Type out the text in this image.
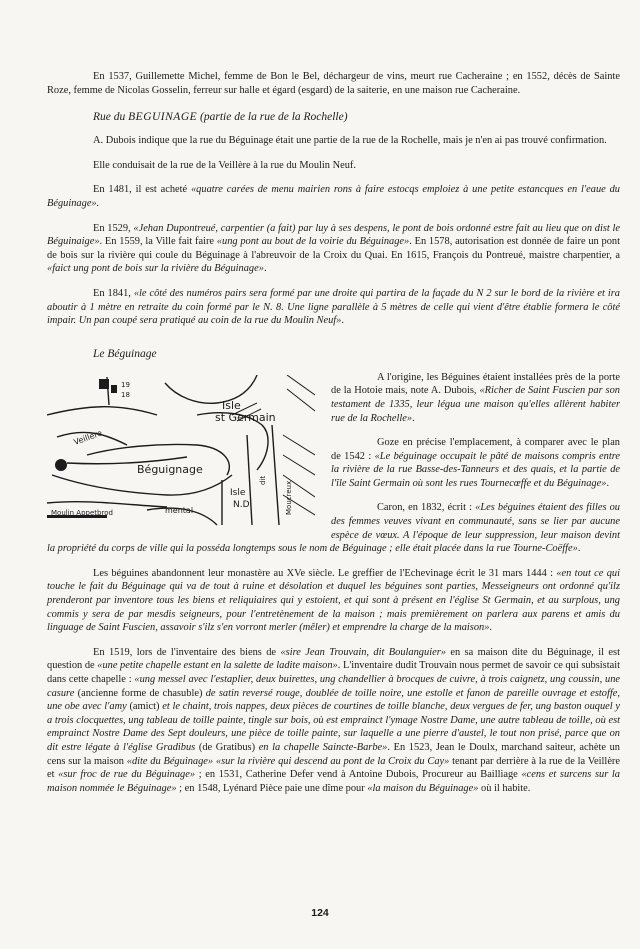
En 1537, Guillemette Michel, femme de Bon le Bel, déchargeur de vins, meurt rue Cacheraine ; en 1552, décès de Sainte Roze, femme de Nicolas Gosselin, ferreur sur halle et égard (esgard) de la saiterie, en une maison rue Cacheraine.

Rue du BEGUINAGE (partie de la rue de la Rochelle)

A. Dubois indique que la rue du Béguinage était une partie de la rue de la Rochelle, mais je n'en ai pas trouvé confirmation.

Elle conduisait de la rue de la Veillère à la rue du Moulin Neuf.

En 1481, il est acheté «quatre carées de menu mairien rons à faire estocqs emploiez à une petite estancques en l'eaue du Béguinage».

En 1529, «Jehan Dupontreué, carpentier (a fait) par luy à ses despens, le pont de bois ordonné estre fait au lieu que on dist le Béguinaige». En 1559, la Ville fait faire «ung pont au bout de la voirie du Béguinage». En 1578, autorisation est donnée de faire un pont de bois sur la rivière qui coule du Béguinage à l'abreuvoir de la Croix du Quai. En 1615, François du Pontreué, maistre charpentier, a «faict ung pont de bois sur la rivière du Béguinage».

En 1841, «le côté des numéros pairs sera formé par une droite qui partira de la façade du N 2 sur le bord de la rivière et ira aboutir à 1 mètre en retraite du coin formé par le N. 8. Une ligne parallèle à 5 mètres de celle qui vient d'être établie formera le côté impair. Un pan coupé sera pratiqué au coin de la rue du Moulin Neuf».

Le Béguinage
Isle
st Germain
Béguignage
Veillère
Moulin Appetbrod	mental
19
18
Isle
N.D.
dit
Moucreux

A l'origine, les Béguines étaient installées près de la porte de la Hotoie mais, note A. Dubois, «Richer de Saint Fuscien par son testament de 1335, leur légua une maison qu'elles allèrent habiter rue de la Rochelle».

Goze en précise l'emplacement, à comparer avec le plan de 1542 : «Le béguinage occupait le pâté de maisons compris entre la rivière de la rue Basse-des-Tanneurs et des quais, et la partie de l'île Saint Germain où sont les rues Tournecœffe et du Béguinage».

Caron, en 1832, écrit : «Les béguines étaient des filles ou des femmes veuves vivant en communauté, sans se lier par aucune espèce de vœux. A l'époque de leur suppression, leur maison devint la propriété du corps de ville qui la posséda longtemps sous le nom de Béguinage ; elle était placée dans la rue Tourne-Coëffe».

Les béguines abandonnent leur monastère au XVe siècle. Le greffier de l'Echevinage écrit le 31 mars 1444 : «en tout ce qui touche le fait du Béguinage qui va de tout à ruine et désolation et duquel les béguines sont parties, Messeigneurs ont ordonné qu'ilz prenderont par inventore tous les biens et reliquiaires qui y estoient, et qui sont à présent en l'église St Germain, et au surplous, ung commis y sera de par mesdis seigneurs, pour l'entretènement de la maison ; mais premièrement on parlera aux parens et amis du linguage de Saint Fuscien, assavoir s'ilz s'en vorront merler (mêler) et emprendre la charge de la maison».

En 1519, lors de l'inventaire des biens de «sire Jean Trouvain, dit Boulanguier» en sa maison dite du Béguinage, il est question de «une petite chapelle estant en la salette de ladite maison». L'inventaire dudit Trouvain nous permet de savoir ce qui subsistait dans cette chapelle : «ung messel avec l'estaplier, deux buirettes, ung chandellier à brocques de cuivre, à trois caignetz, ung coussin, une casure (ancienne forme de chasuble) de satin reversé rouge, doublée de toille noire, une estolle et fanon de pareille ouvrage et estoffe, une obe avec l'amy (amict) et le chaint, trois nappes, deux pièces de courtines de toille blanche, deux vergues de fer, ung baston ouquel y a trois clocquettes, ung tableau de toille painte, tingle sur bois, où est emprainct l'ymage Nostre Dame, une autre tableau de toille, où est emprainct Nostre Dame des Sept douleurs, une pièce de toille painte, sur laquelle a une pierre d'austel, le tout non prisé, parce que on dit estre légate à l'église Gradibus (de Gratibus) en la chapelle Saincte-Barbe». En 1523, Jean le Doulx, marchand saiteur, achète un cens sur la maison «dite du Béguinage» «sur la rivière qui descend au pont de la Croix du Cay» tenant par derrière à la rue de la Veillère et «sur froc de rue du Béguinage» ; en 1531, Catherine Defer vend à Antoine Dubois, Procureur au Bailliage «cens et surcens sur la maison nommée le Béguinage» ; en 1548, Lyénard Pièce paie une dîme pour «la maison du Béguinage» où il habite.

124
